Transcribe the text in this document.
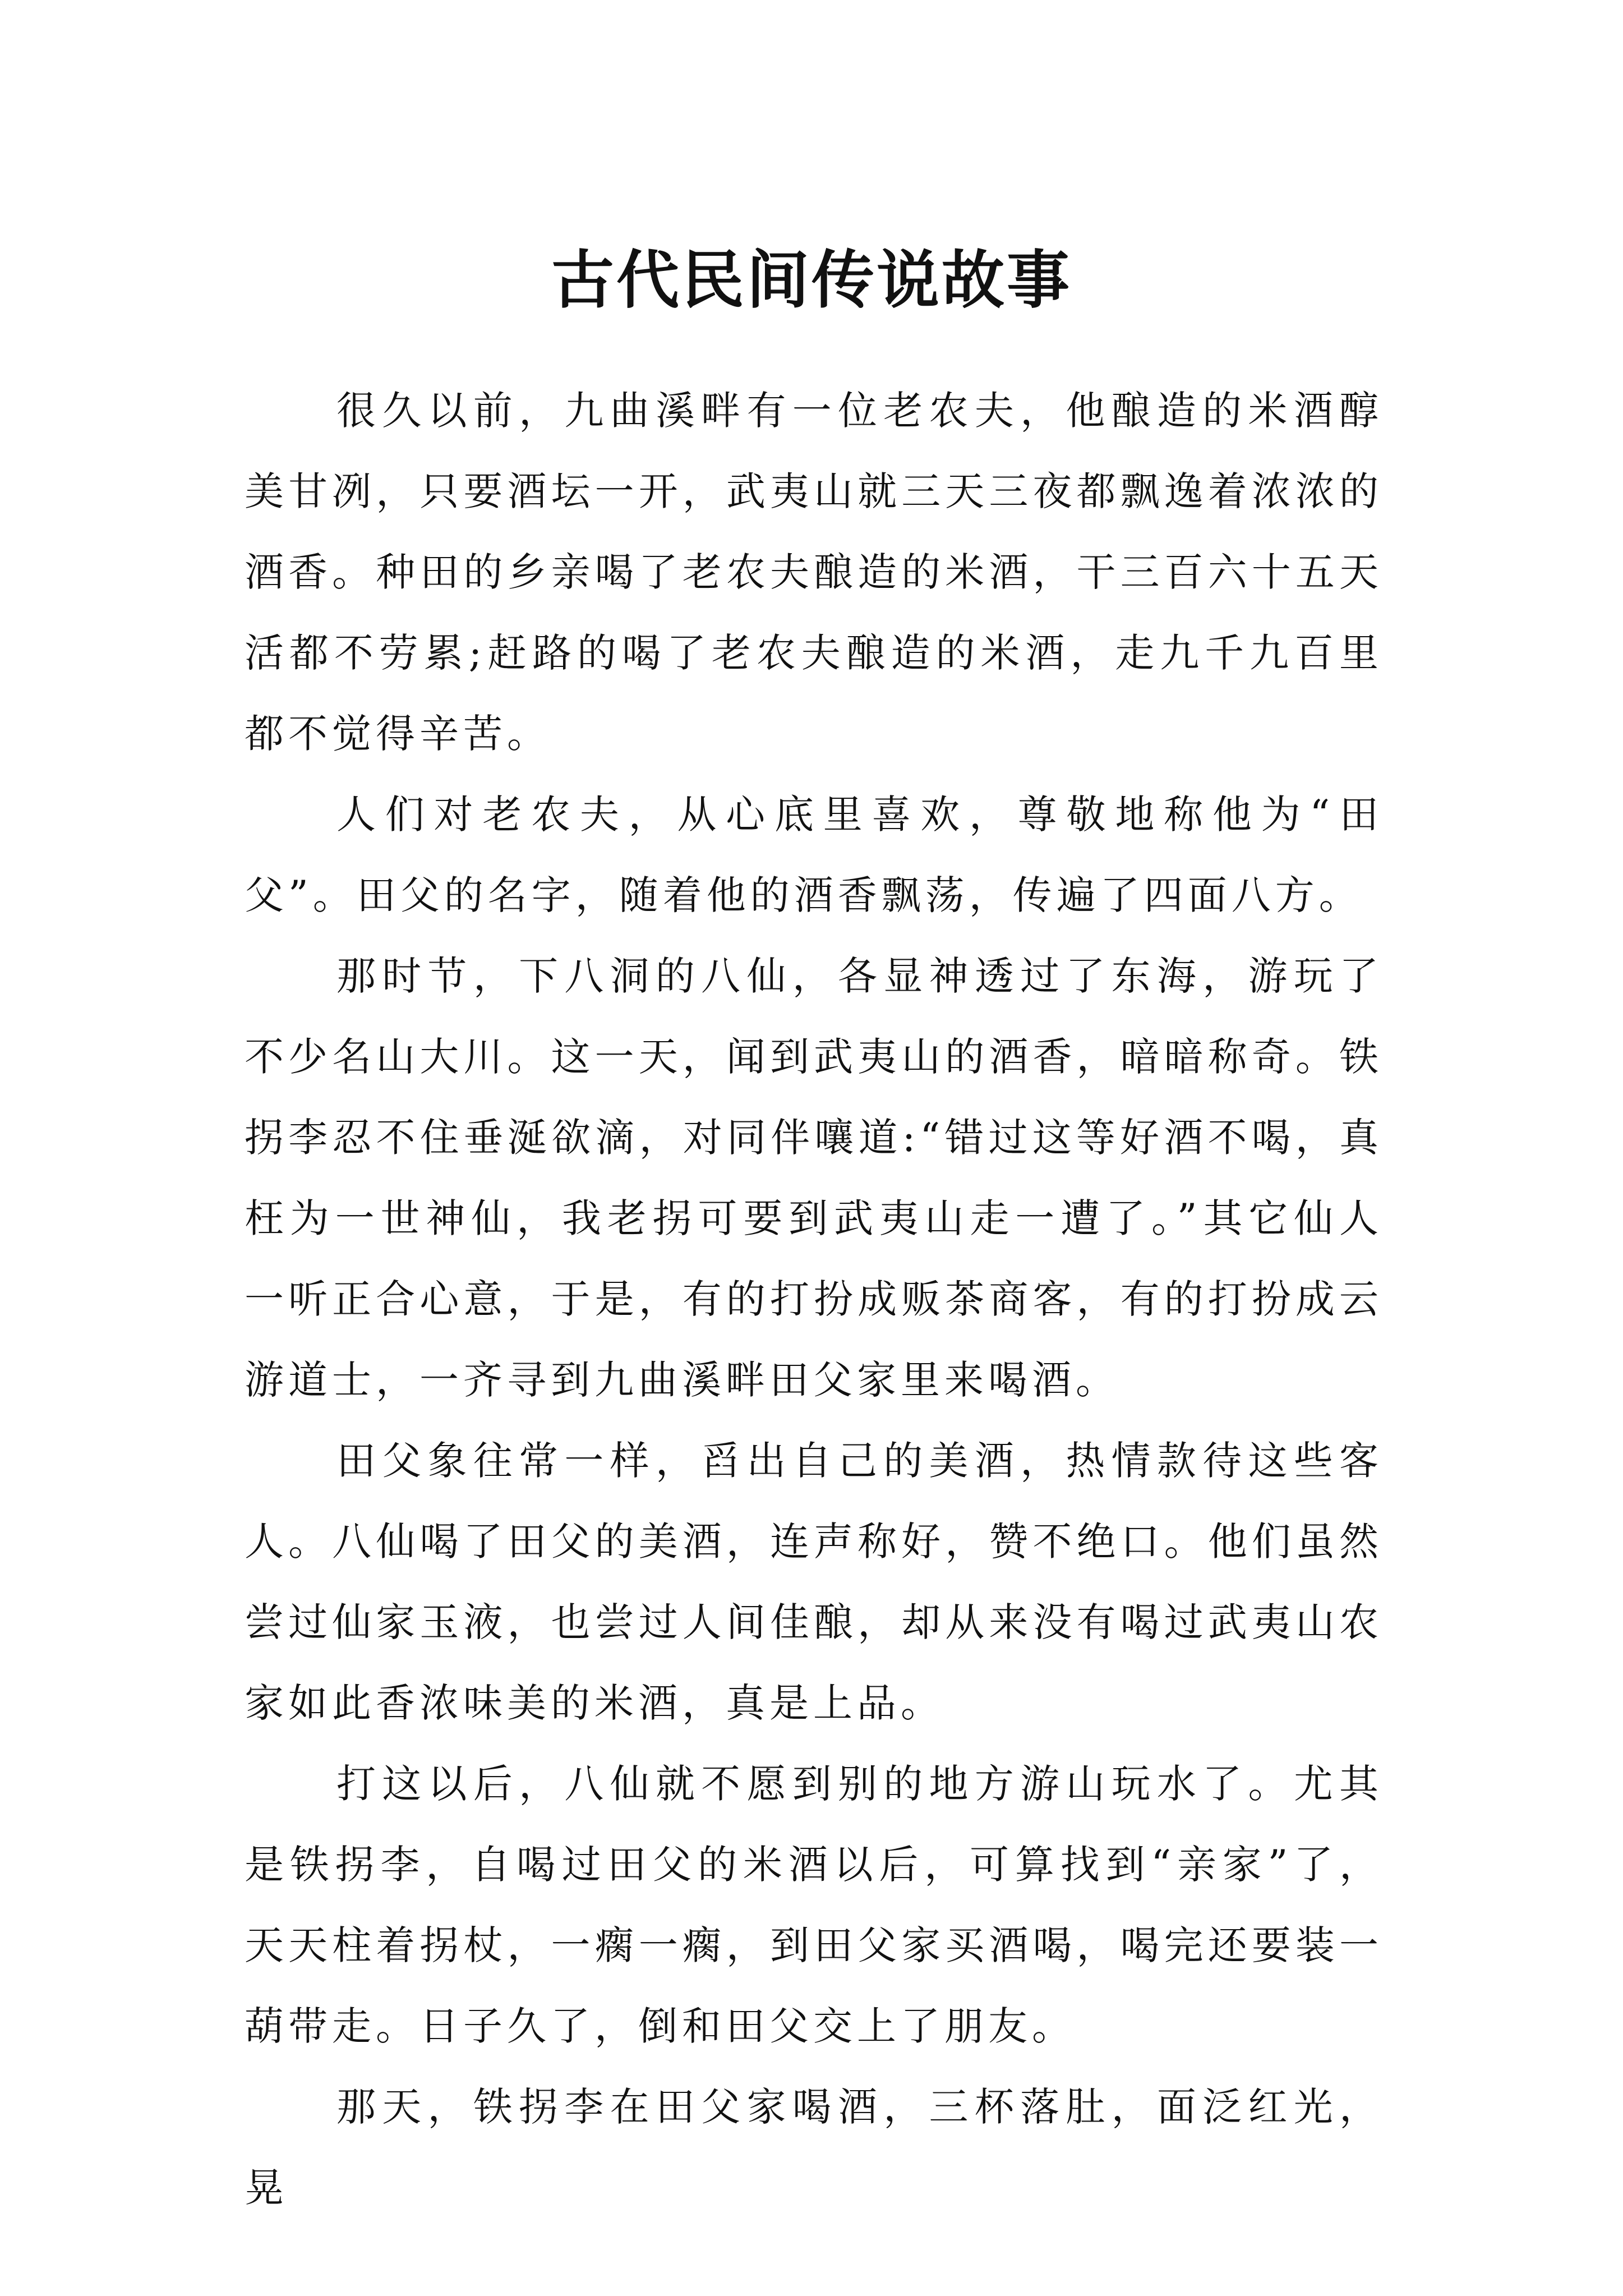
古代民间传说故事

很久以前，九曲溪畔有一位老农夫，他酿造的米酒醇美甘冽，只要酒坛一开，武夷山就三天三夜都飘逸着浓浓的酒香。种田的乡亲喝了老农夫酿造的米酒，干三百六十五天活都不劳累;赶路的喝了老农夫酿造的米酒，走九千九百里都不觉得辛苦。

人们对老农夫，从心底里喜欢，尊敬地称他为“田父”。田父的名字，随着他的酒香飘荡，传遍了四面八方。

那时节，下八洞的八仙，各显神透过了东海，游玩了不少名山大川。这一天，闻到武夷山的酒香，暗暗称奇。铁拐李忍不住垂涎欲滴，对同伴嚷道:“错过这等好酒不喝，真枉为一世神仙，我老拐可要到武夷山走一遭了。”其它仙人一听正合心意，于是，有的打扮成贩茶商客，有的打扮成云游道士，一齐寻到九曲溪畔田父家里来喝酒。

田父象往常一样，舀出自己的美酒，热情款待这些客人。八仙喝了田父的美酒，连声称好，赞不绝口。他们虽然尝过仙家玉液，也尝过人间佳酿，却从来没有喝过武夷山农家如此香浓味美的米酒，真是上品。

打这以后，八仙就不愿到别的地方游山玩水了。尤其是铁拐李，自喝过田父的米酒以后，可算找到“亲家”了，天天柱着拐杖，一瘸一瘸，到田父家买酒喝，喝完还要装一葫带走。日子久了，倒和田父交上了朋友。

那天，铁拐李在田父家喝酒，三杯落肚，面泛红光，晃
